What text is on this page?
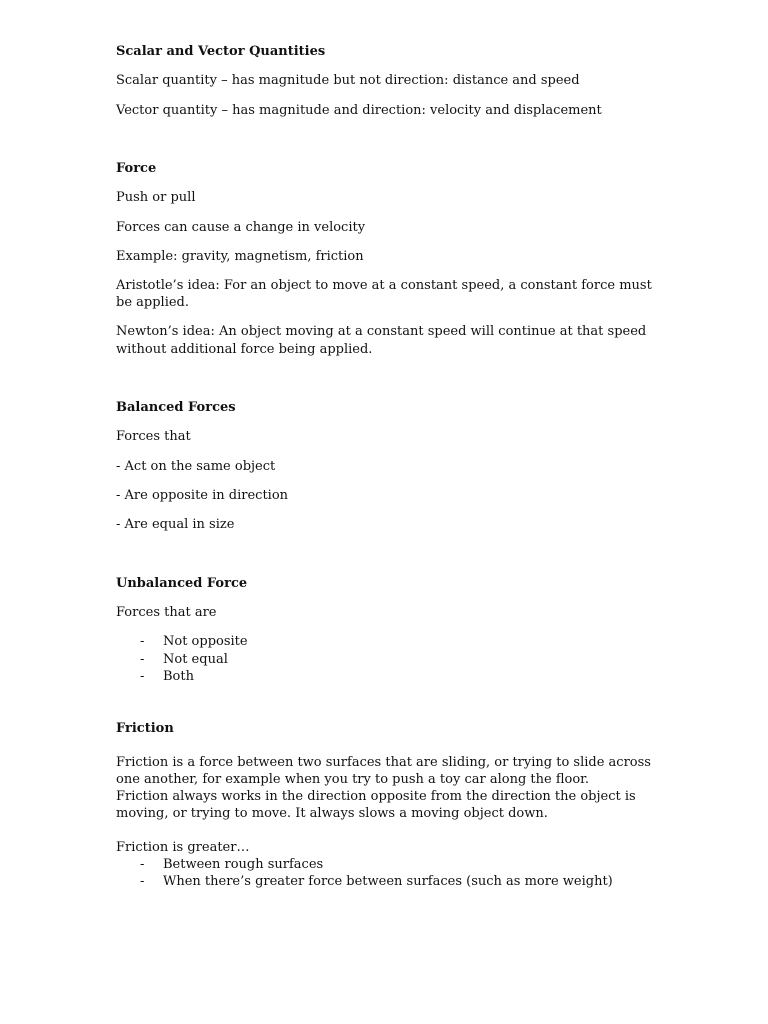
Scalar and Vector Quantities
Scalar quantity – has magnitude but not direction: distance and speed
Vector quantity – has magnitude and direction: velocity and displacement
Force
Push or pull
Forces can cause a change in velocity
Example: gravity, magnetism, friction
Aristotle’s idea: For an object to move at a constant speed, a constant force must
be applied.
Newton’s idea: An object moving at a constant speed will continue at that speed
without additional force being applied.
Balanced Forces
Forces that
- Act on the same object
- Are opposite in direction
- Are equal in size
Unbalanced Force
Forces that are
- Not opposite
- Not equal
- Both
Friction
Friction is a force between two surfaces that are sliding, or trying to slide across
one another, for example when you try to push a toy car along the floor.
Friction always works in the direction opposite from the direction the object is
moving, or trying to move. It always slows a moving object down.
Friction is greater…
- Between rough surfaces
- When there’s greater force between surfaces (such as more weight)
